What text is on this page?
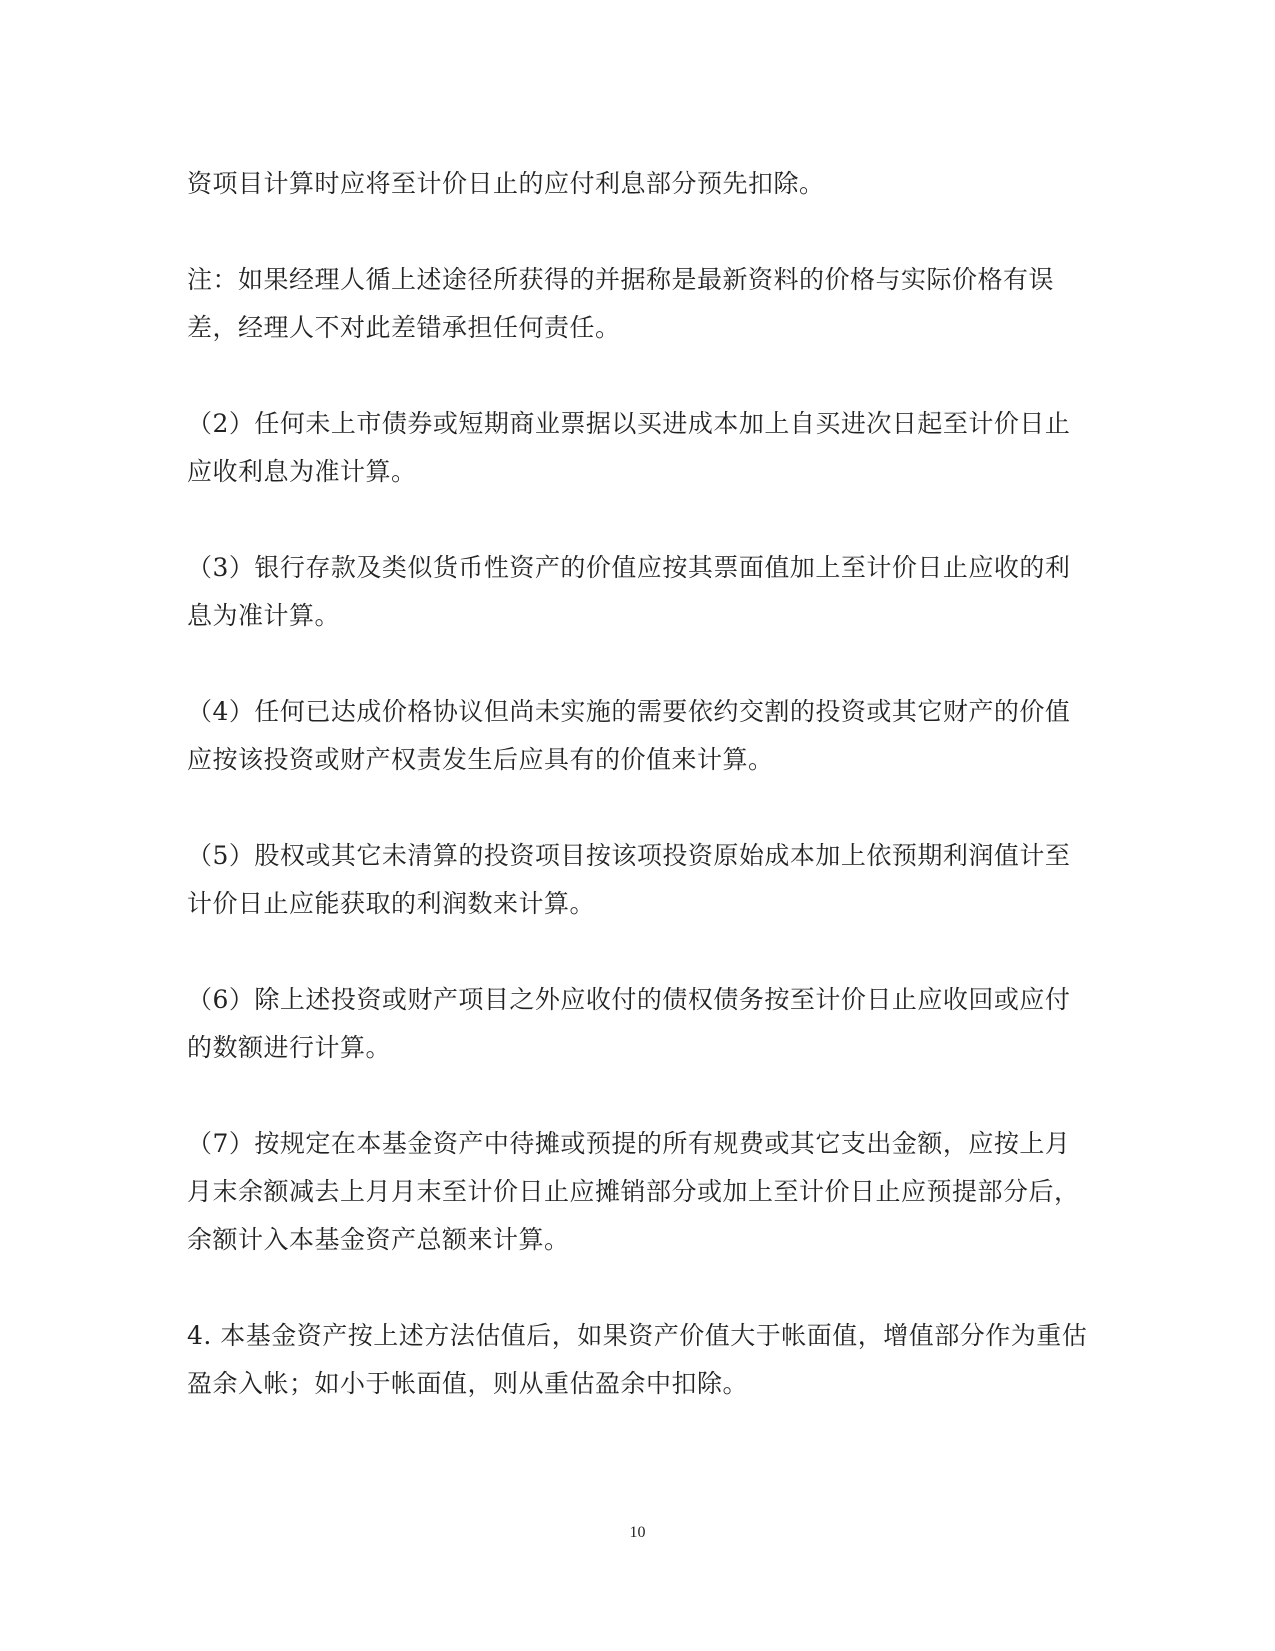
资项目计算时应将至计价日止的应付利息部分预先扣除。

注：如果经理人循上述途径所获得的并据称是最新资料的价格与实际价格有误差，经理人不对此差错承担任何责任。

（2）任何未上市债券或短期商业票据以买进成本加上自买进次日起至计价日止应收利息为准计算。

（3）银行存款及类似货币性资产的价值应按其票面值加上至计价日止应收的利息为准计算。

（4）任何已达成价格协议但尚未实施的需要依约交割的投资或其它财产的价值应按该投资或财产权责发生后应具有的价值来计算。

（5）股权或其它未清算的投资项目按该项投资原始成本加上依预期利润值计至计价日止应能获取的利润数来计算。

（6）除上述投资或财产项目之外应收付的债权债务按至计价日止应收回或应付的数额进行计算。

（7）按规定在本基金资产中待摊或预提的所有规费或其它支出金额，应按上月月末余额减去上月月末至计价日止应摊销部分或加上至计价日止应预提部分后，余额计入本基金资产总额来计算。

4. 本基金资产按上述方法估值后，如果资产价值大于帐面值，增值部分作为重估盈余入帐；如小于帐面值，则从重估盈余中扣除。

10
